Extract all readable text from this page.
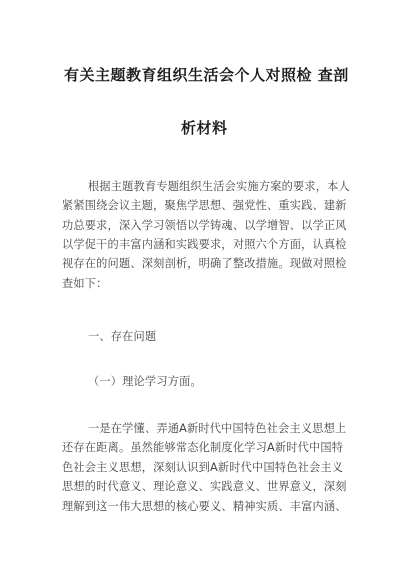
有关主题教育组织生活会个人对照检 查剖
析材料
根据主题教育专题组织生活会实施方案的要求，本人
紧紧围绕会议主题，聚焦学思想、强党性、重实践、建新
功总要求，深入学习领悟以学铸魂、以学增智、以学正风
以学促干的丰富内涵和实践要求，对照六个方面，认真检
视存在的问题、深刻剖析，明确了整改措施。现做对照检
查如下：
一、存在问题
（一）理论学习方面。
一是在学懂、弄通A新时代中国特色社会主义思想上
还存在距离。虽然能够常态化制度化学习A新时代中国特
色社会主义思想，深刻认识到A新时代中国特色社会主义
思想的时代意义、理论意义、实践意义、世界意义，深刻
理解到这一伟大思想的核心要义、精神实质、丰富内涵、
